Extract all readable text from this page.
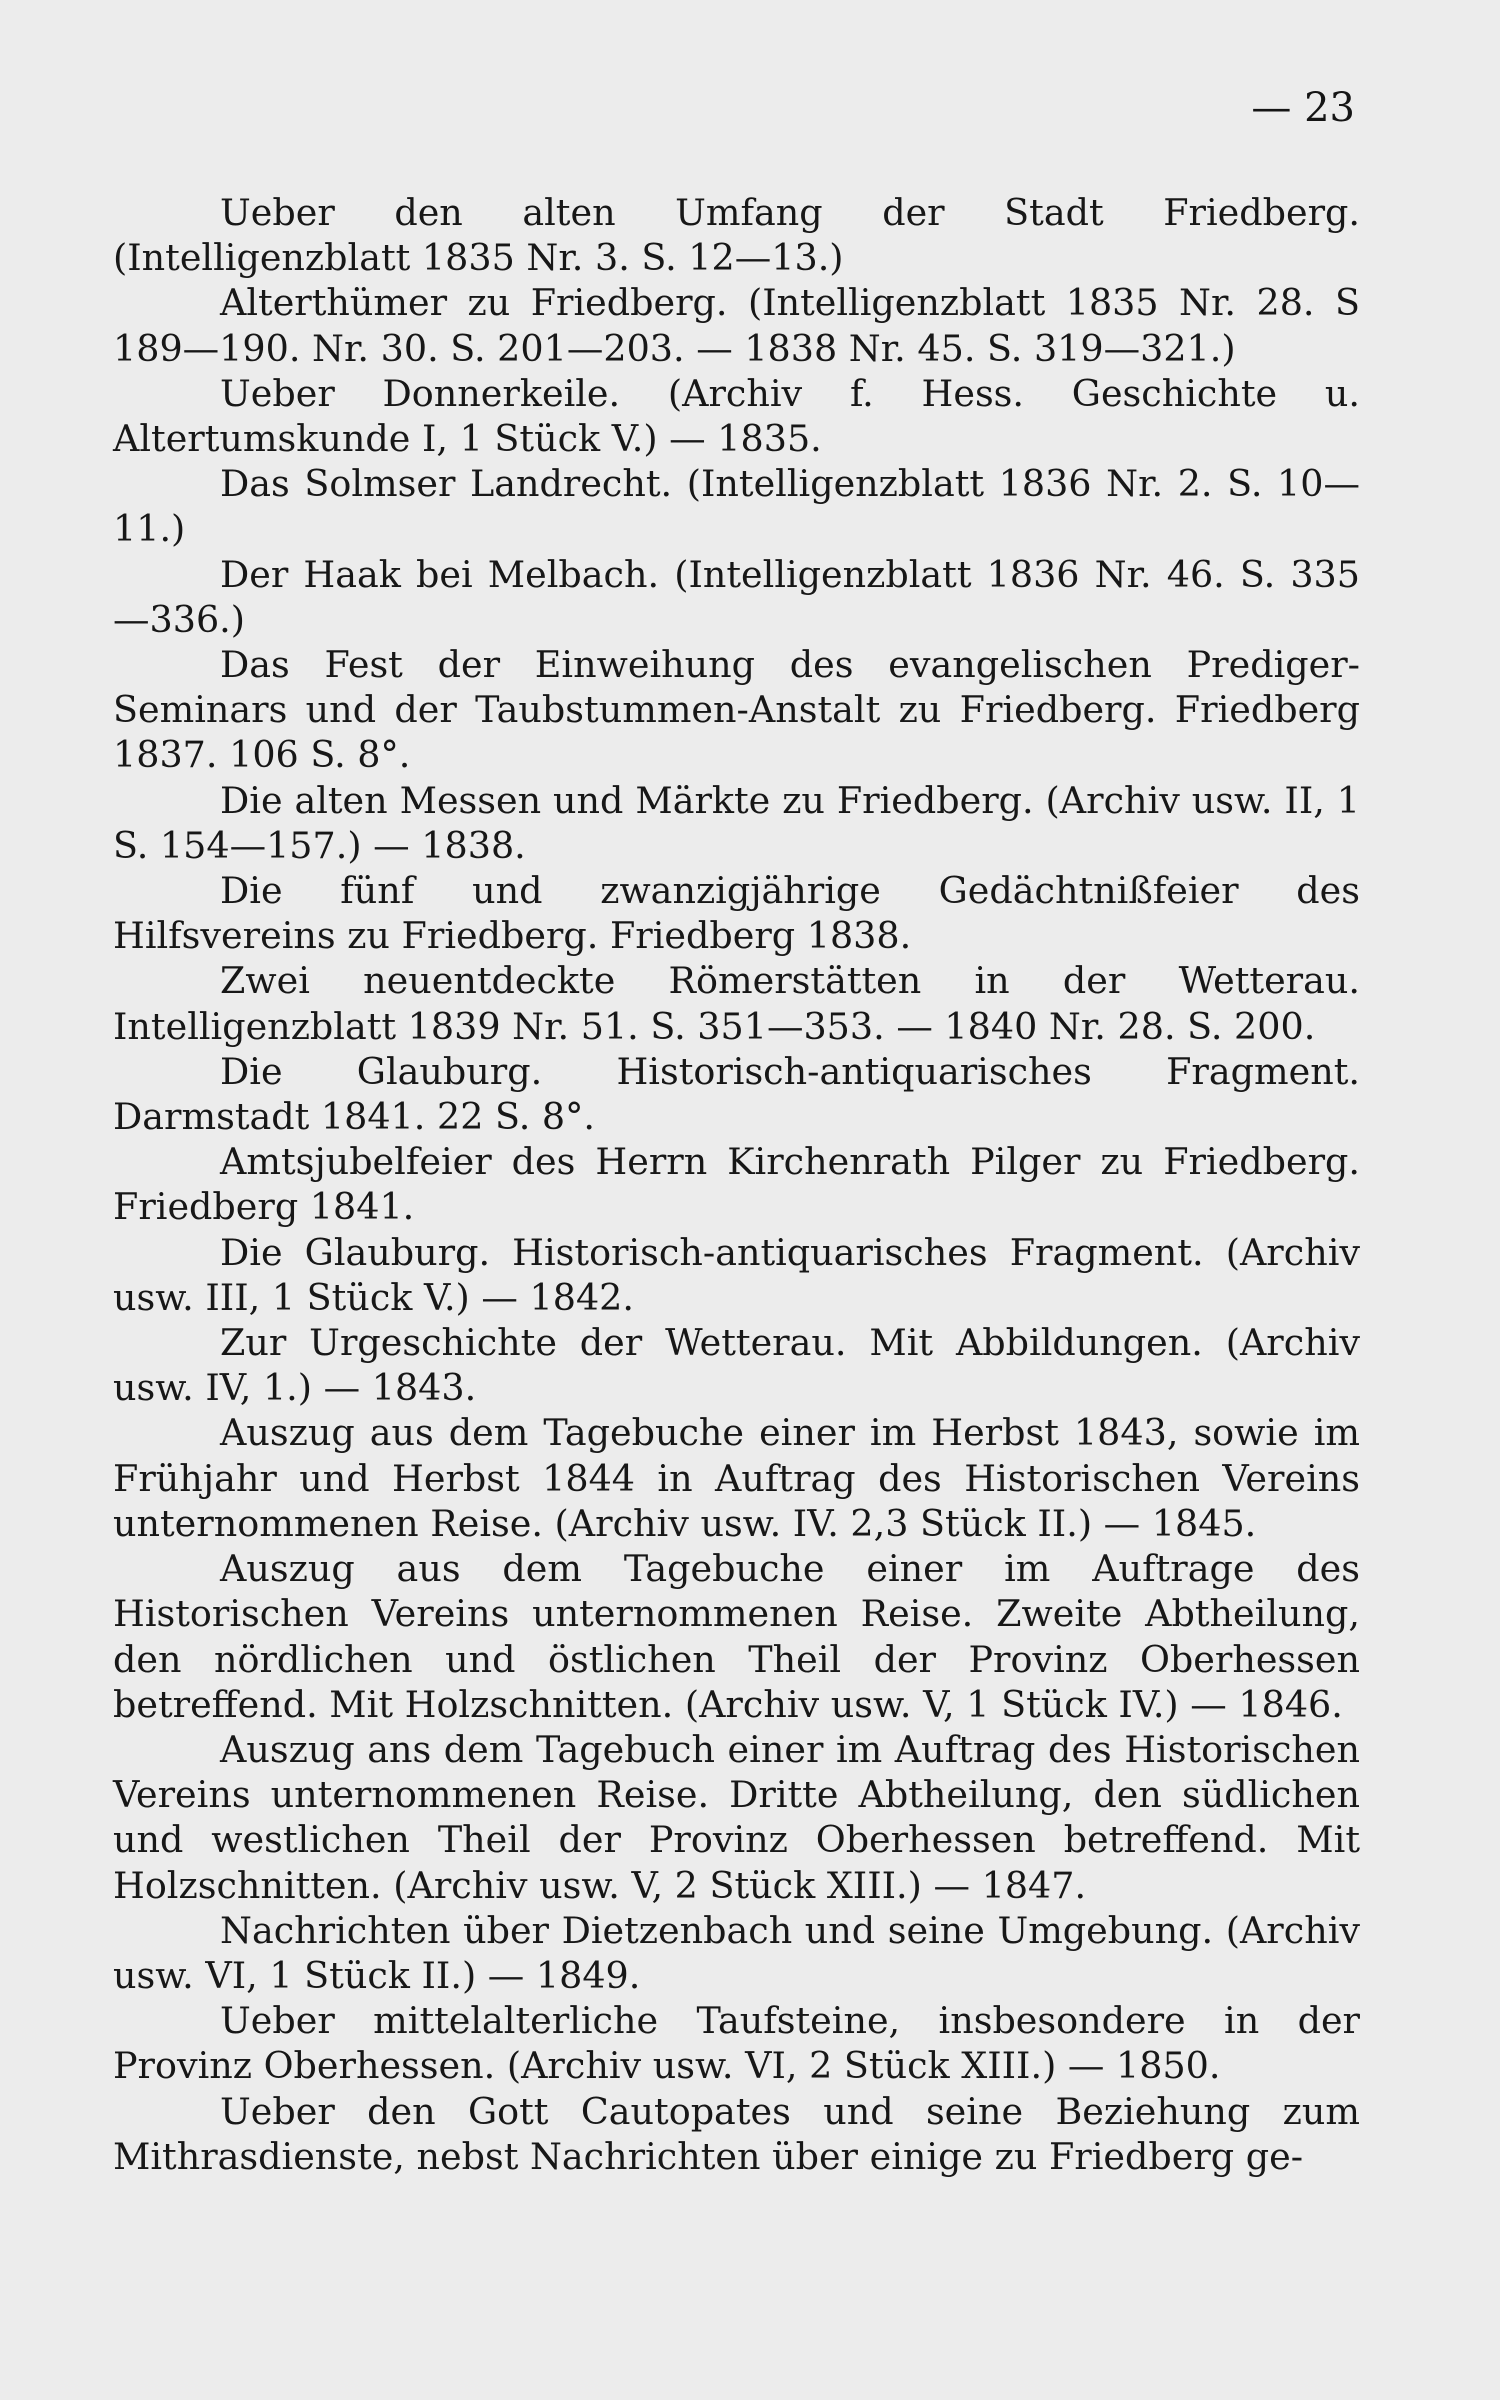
— 23

Ueber den alten Umfang der Stadt Friedberg. (Intelligenzblatt 1835 Nr. 3. S. 12—13.)

Alterthümer zu Friedberg. (Intelligenzblatt 1835 Nr. 28. S 189—190. Nr. 30. S. 201—203. — 1838 Nr. 45. S. 319—321.)

Ueber Donnerkeile. (Archiv f. Hess. Geschichte u. Altertumskunde I, 1 Stück V.) — 1835.

Das Solmser Landrecht. (Intelligenzblatt 1836 Nr. 2. S. 10—11.)

Der Haak bei Melbach. (Intelligenzblatt 1836 Nr. 46. S. 335—336.)

Das Fest der Einweihung des evangelischen Prediger-Seminars und der Taubstummen-Anstalt zu Friedberg. Friedberg 1837. 106 S. 8°.

Die alten Messen und Märkte zu Friedberg. (Archiv usw. II, 1 S. 154—157.) — 1838.

Die fünf und zwanzigjährige Gedächtnißfeier des Hilfsvereins zu Friedberg. Friedberg 1838.

Zwei neuentdeckte Römerstätten in der Wetterau. Intelligenzblatt 1839 Nr. 51. S. 351—353. — 1840 Nr. 28. S. 200.

Die Glauburg. Historisch-antiquarisches Fragment. Darmstadt 1841. 22 S. 8°.

Amtsjubelfeier des Herrn Kirchenrath Pilger zu Friedberg. Friedberg 1841.

Die Glauburg. Historisch-antiquarisches Fragment. (Archiv usw. III, 1 Stück V.) — 1842.

Zur Urgeschichte der Wetterau. Mit Abbildungen. (Archiv usw. IV, 1.) — 1843.

Auszug aus dem Tagebuche einer im Herbst 1843, sowie im Frühjahr und Herbst 1844 in Auftrag des Historischen Vereins unternommenen Reise. (Archiv usw. IV. 2,3 Stück II.) — 1845.

Auszug aus dem Tagebuche einer im Auftrage des Historischen Vereins unternommenen Reise. Zweite Abtheilung, den nördlichen und östlichen Theil der Provinz Oberhessen betreffend. Mit Holzschnitten. (Archiv usw. V, 1 Stück IV.) — 1846.

Auszug ans dem Tagebuch einer im Auftrag des Historischen Vereins unternommenen Reise. Dritte Abtheilung, den südlichen und westlichen Theil der Provinz Oberhessen betreffend. Mit Holzschnitten. (Archiv usw. V, 2 Stück XIII.) — 1847.

Nachrichten über Dietzenbach und seine Umgebung. (Archiv usw. VI, 1 Stück II.) — 1849.

Ueber mittelalterliche Taufsteine, insbesondere in der Provinz Oberhessen. (Archiv usw. VI, 2 Stück XIII.) — 1850.

Ueber den Gott Cautopates und seine Beziehung zum Mithrasdienste, nebst Nachrichten über einige zu Friedberg ge-
